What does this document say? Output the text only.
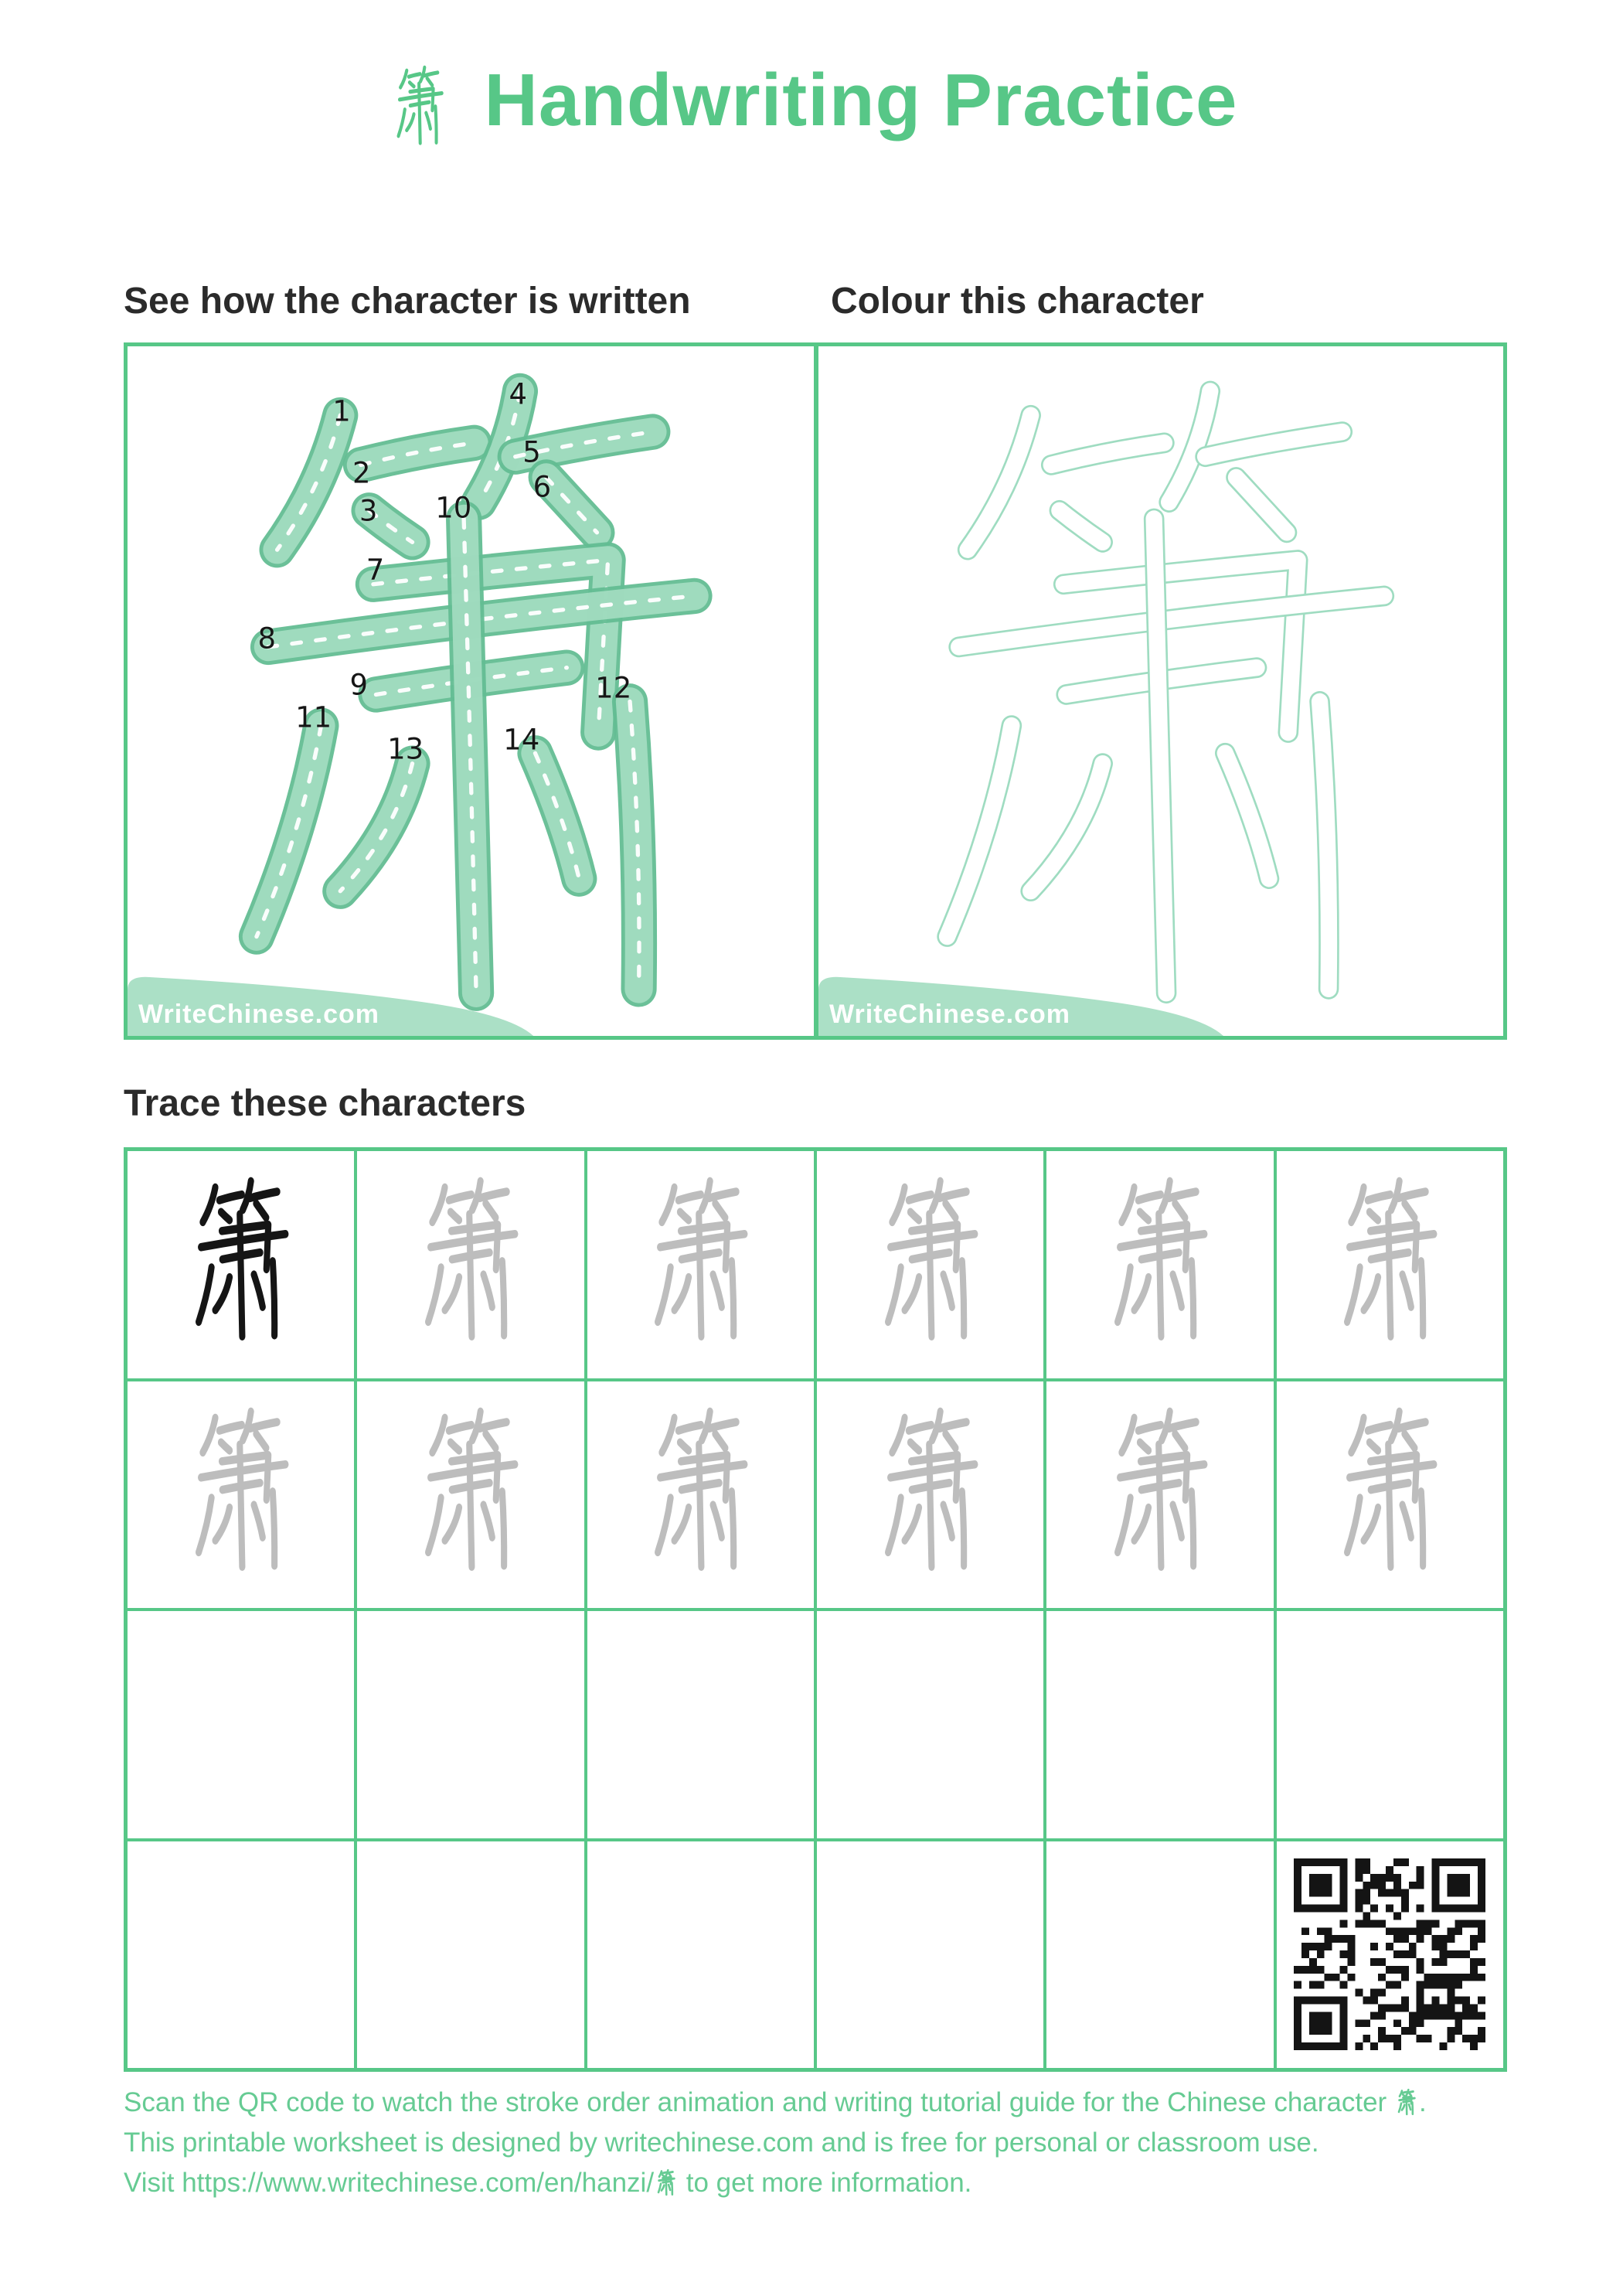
Handwriting Practice
See how the character is written	Colour this character
1
2
3
4
5
6
7
8
9
10
11
12
13	14
WriteChinese.com	WriteChinese.com
Trace these characters
Scan the QR code to watch the stroke order animation and writing tutorial guide for the Chinese character .
This printable worksheet is designed by writechinese.com and is free for personal or classroom use.
Visit https://www.writechinese.com/en/hanzi/ to get more information.
